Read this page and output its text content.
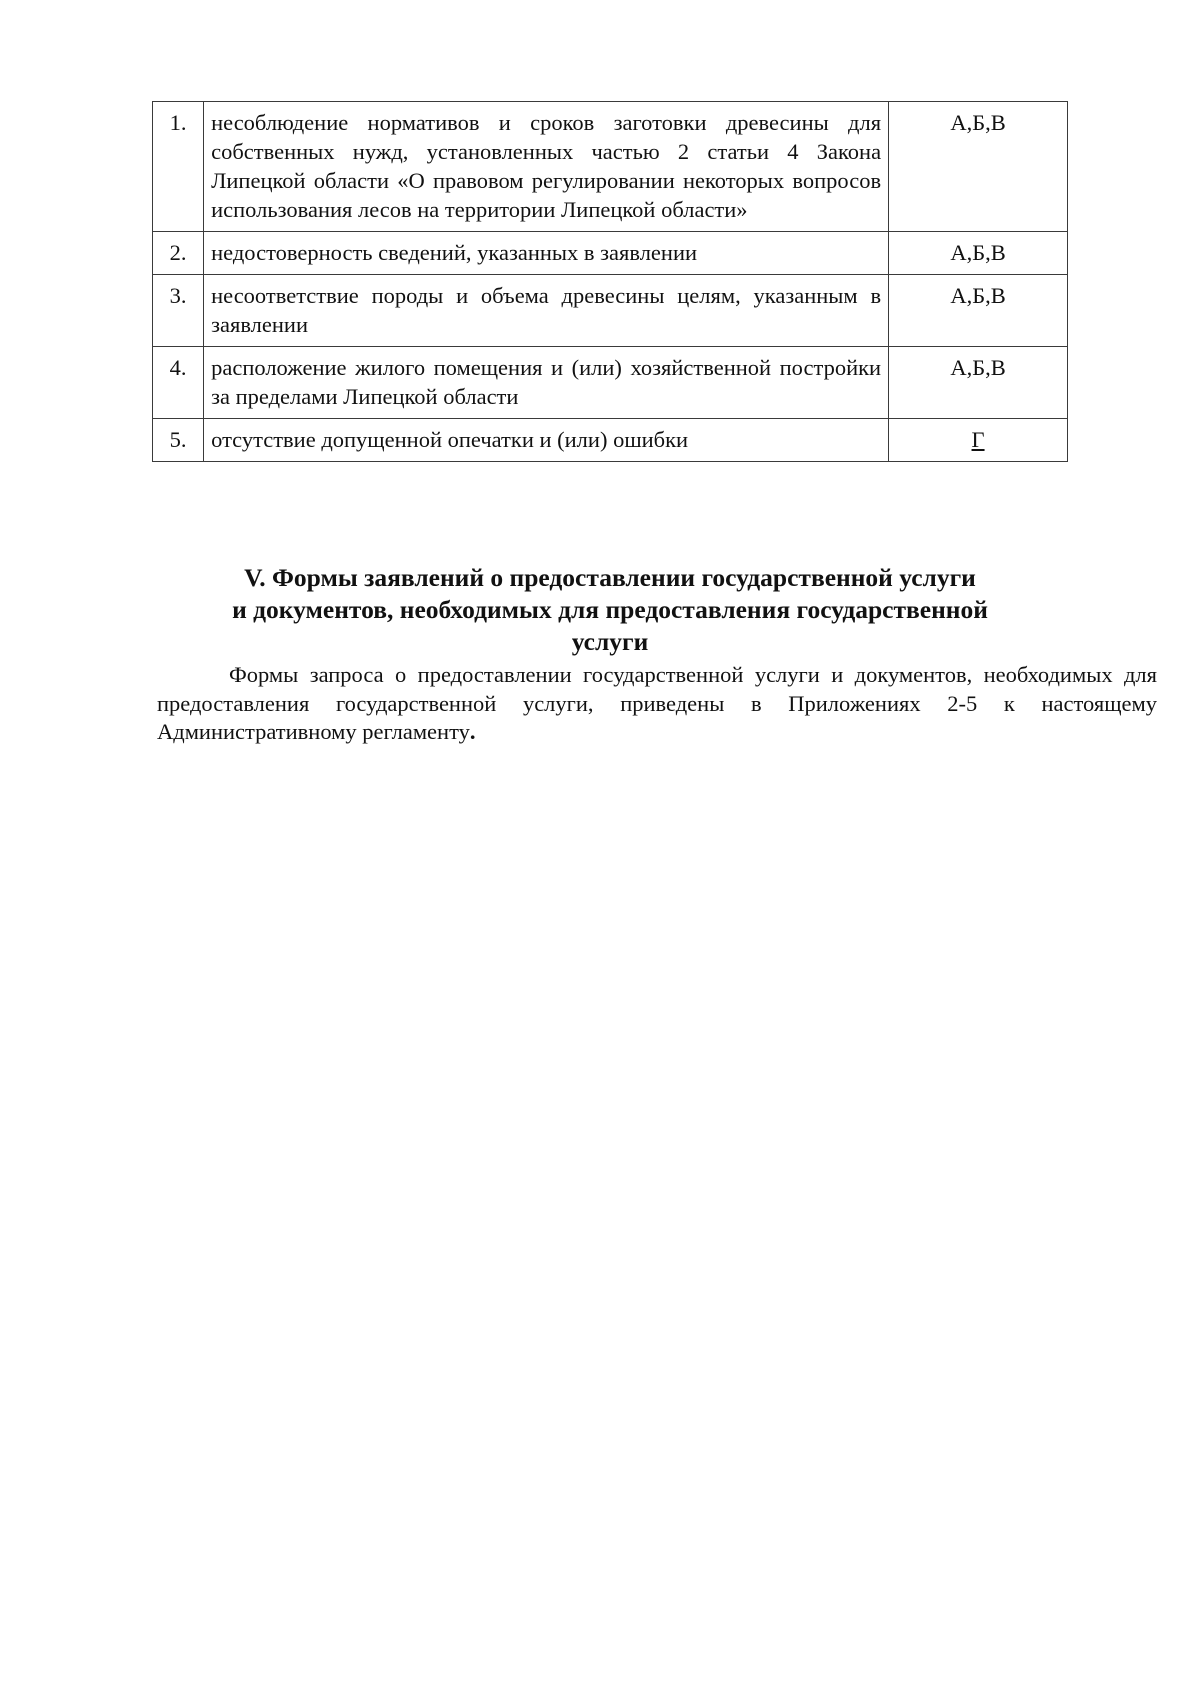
1.	несоблюдение нормативов и сроков заготовки древесины для собственных нужд, установленных частью 2 статьи 4 Закона Липецкой области «О правовом регулировании некоторых вопросов использования лесов на территории Липецкой области»	А,Б,В
2.	недостоверность сведений, указанных в заявлении	А,Б,В
3.	несоответствие породы и объема древесины целям, указанным в заявлении	А,Б,В
4.	расположение жилого помещения и (или) хозяйственной постройки за пределами Липецкой области	А,Б,В
5.	отсутствие допущенной опечатки и (или) ошибки	Г
V. Формы заявлений о предоставлении государственной услуги
и документов, необходимых для предоставления государственной
услуги
Формы запроса о предоставлении государственной услуги и документов, необходимых для предоставления государственной услуги, приведены в Приложениях 2-5 к настоящему Административному регламенту.
